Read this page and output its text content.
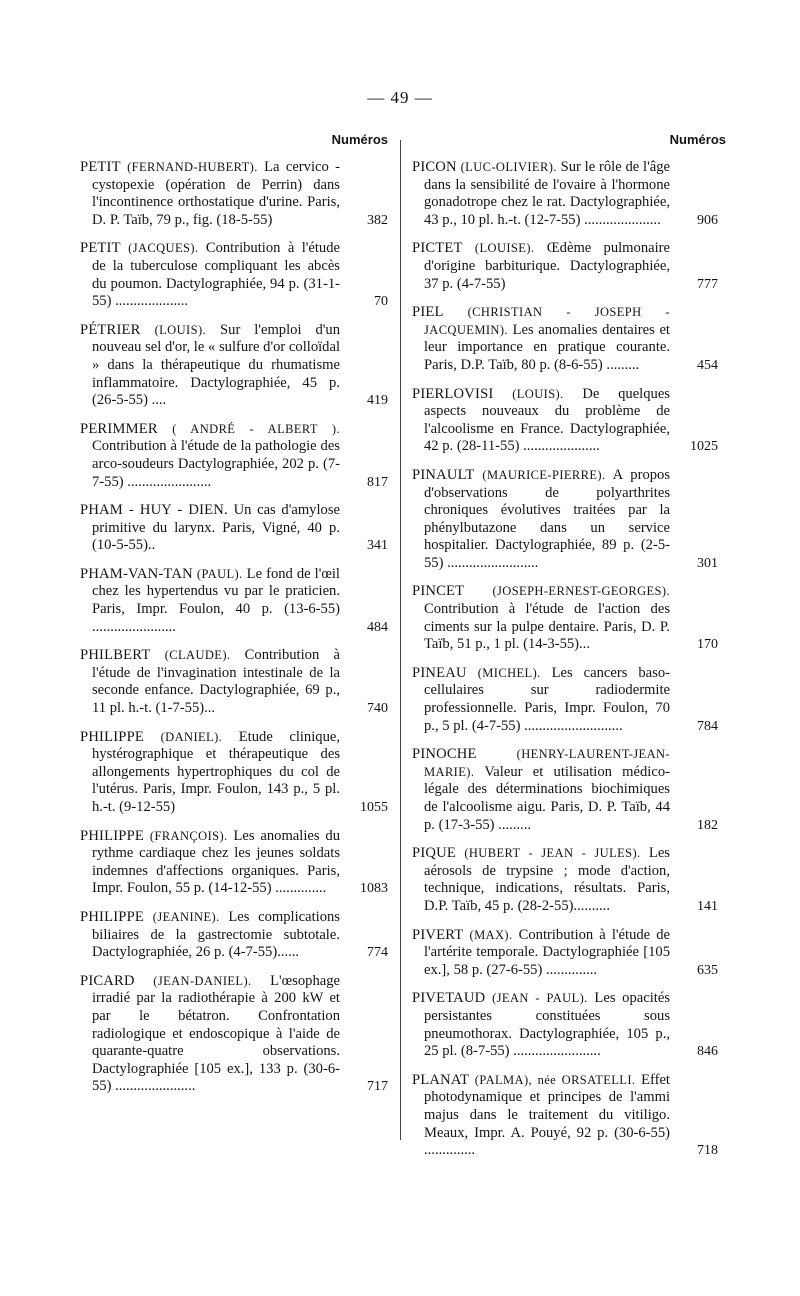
— 49 —
Numéros
PETIT (FERNAND-HUBERT). La cervico - cystopexie (opération de Perrin) dans l'incontinence orthostatique d'urine. Paris, D. P. Taïb, 79 p., fig. (18-5-55)	382
PETIT (JACQUES). Contribution à l'étude de la tuberculose compliquant les abcès du poumon. Dactylographiée, 94 p. (31-1-55) ....................	70
PÉTRIER (LOUIS). Sur l'emploi d'un nouveau sel d'or, le « sulfure d'or colloïdal » dans la thérapeutique du rhumatisme inflammatoire. Dactylographiée, 45 p. (26-5-55) ....	419
PERIMMER ( ANDRÉ - ALBERT ). Contribution à l'étude de la pathologie des arco-soudeurs Dactylographiée, 202 p. (7-7-55) .......................	817
PHAM - HUY - DIEN. Un cas d'amylose primitive du larynx. Paris, Vigné, 40 p. (10-5-55)..	341
PHAM-VAN-TAN (PAUL). Le fond de l'œil chez les hypertendus vu par le praticien. Paris, Impr. Foulon, 40 p. (13-6-55) .......................	484
PHILBERT (CLAUDE). Contribution à l'étude de l'invagination intestinale de la seconde enfance. Dactylographiée, 69 p., 11 pl. h.-t. (1-7-55)...	740
PHILIPPE (DANIEL). Etude clinique, hystérographique et thérapeutique des allongements hypertrophiques du col de l'utérus. Paris, Impr. Foulon, 143 p., 5 pl. h.-t. (9-12-55)	1055
PHILIPPE (FRANÇOIS). Les anomalies du rythme cardiaque chez les jeunes soldats indemnes d'affections organiques. Paris, Impr. Foulon, 55 p. (14-12-55) ..............	1083
PHILIPPE (JEANINE). Les complications biliaires de la gastrectomie subtotale. Dactylographiée, 26 p. (4-7-55)......	774
PICARD (JEAN-DANIEL). L'œsophage irradié par la radiothérapie à 200 kW et par le bétatron. Confrontation radiologique et endoscopique à l'aide de quarante-quatre observations. Dactylographiée [105 ex.], 133 p. (30-6-55) ......................	717
Numéros
PICON (LUC-OLIVIER). Sur le rôle de l'âge dans la sensibilité de l'ovaire à l'hormone gonadotrope chez le rat. Dactylographiée, 43 p., 10 pl. h.-t. (12-7-55) .....................	906
PICTET (LOUISE). Œdème pulmonaire d'origine barbiturique. Dactylographiée, 37 p. (4-7-55)	777
PIEL (CHRISTIAN - JOSEPH - JACQUEMIN). Les anomalies dentaires et leur importance en pratique courante. Paris, D.P. Taïb, 80 p. (8-6-55) .........	454
PIERLOVISI (LOUIS). De quelques aspects nouveaux du problème de l'alcoolisme en France. Dactylographiée, 42 p. (28-11-55) .....................	1025
PINAULT (MAURICE-PIERRE). A propos d'observations de polyarthrites chroniques évolutives traitées par la phénylbutazone dans un service hospitalier. Dactylographiée, 89 p. (2-5-55) .........................	301
PINCET (JOSEPH-ERNEST-GEORGES). Contribution à l'étude de l'action des ciments sur la pulpe dentaire. Paris, D. P. Taïb, 51 p., 1 pl. (14-3-55)...	170
PINEAU (MICHEL). Les cancers baso-cellulaires sur radiodermite professionnelle. Paris, Impr. Foulon, 70 p., 5 pl. (4-7-55) ...........................	784
PINOCHE	(HENRY-LAURENT-JEAN-MARIE). Valeur et utilisation médico-légale des déterminations biochimiques de l'alcoolisme aigu. Paris, D. P. Taïb, 44 p. (17-3-55) .........	182
PIQUE (HUBERT - JEAN - JULES). Les aérosols de trypsine ; mode d'action, technique, indications, résultats. Paris, D.P. Taïb, 45 p. (28-2-55)..........	141
PIVERT (MAX). Contribution à l'étude de l'artérite temporale. Dactylographiée [105 ex.], 58 p. (27-6-55) ..............	635
PIVETAUD (JEAN - PAUL). Les opacités persistantes constituées sous pneumothorax. Dactylographiée, 105 p., 25 pl. (8-7-55) ........................	846
PLANAT (PALMA), née ORSATELLI. Effet photodynamique et principes de l'ammi majus dans le traitement du vitiligo. Meaux, Impr. A. Pouyé, 92 p. (30-6-55) ..............	718
